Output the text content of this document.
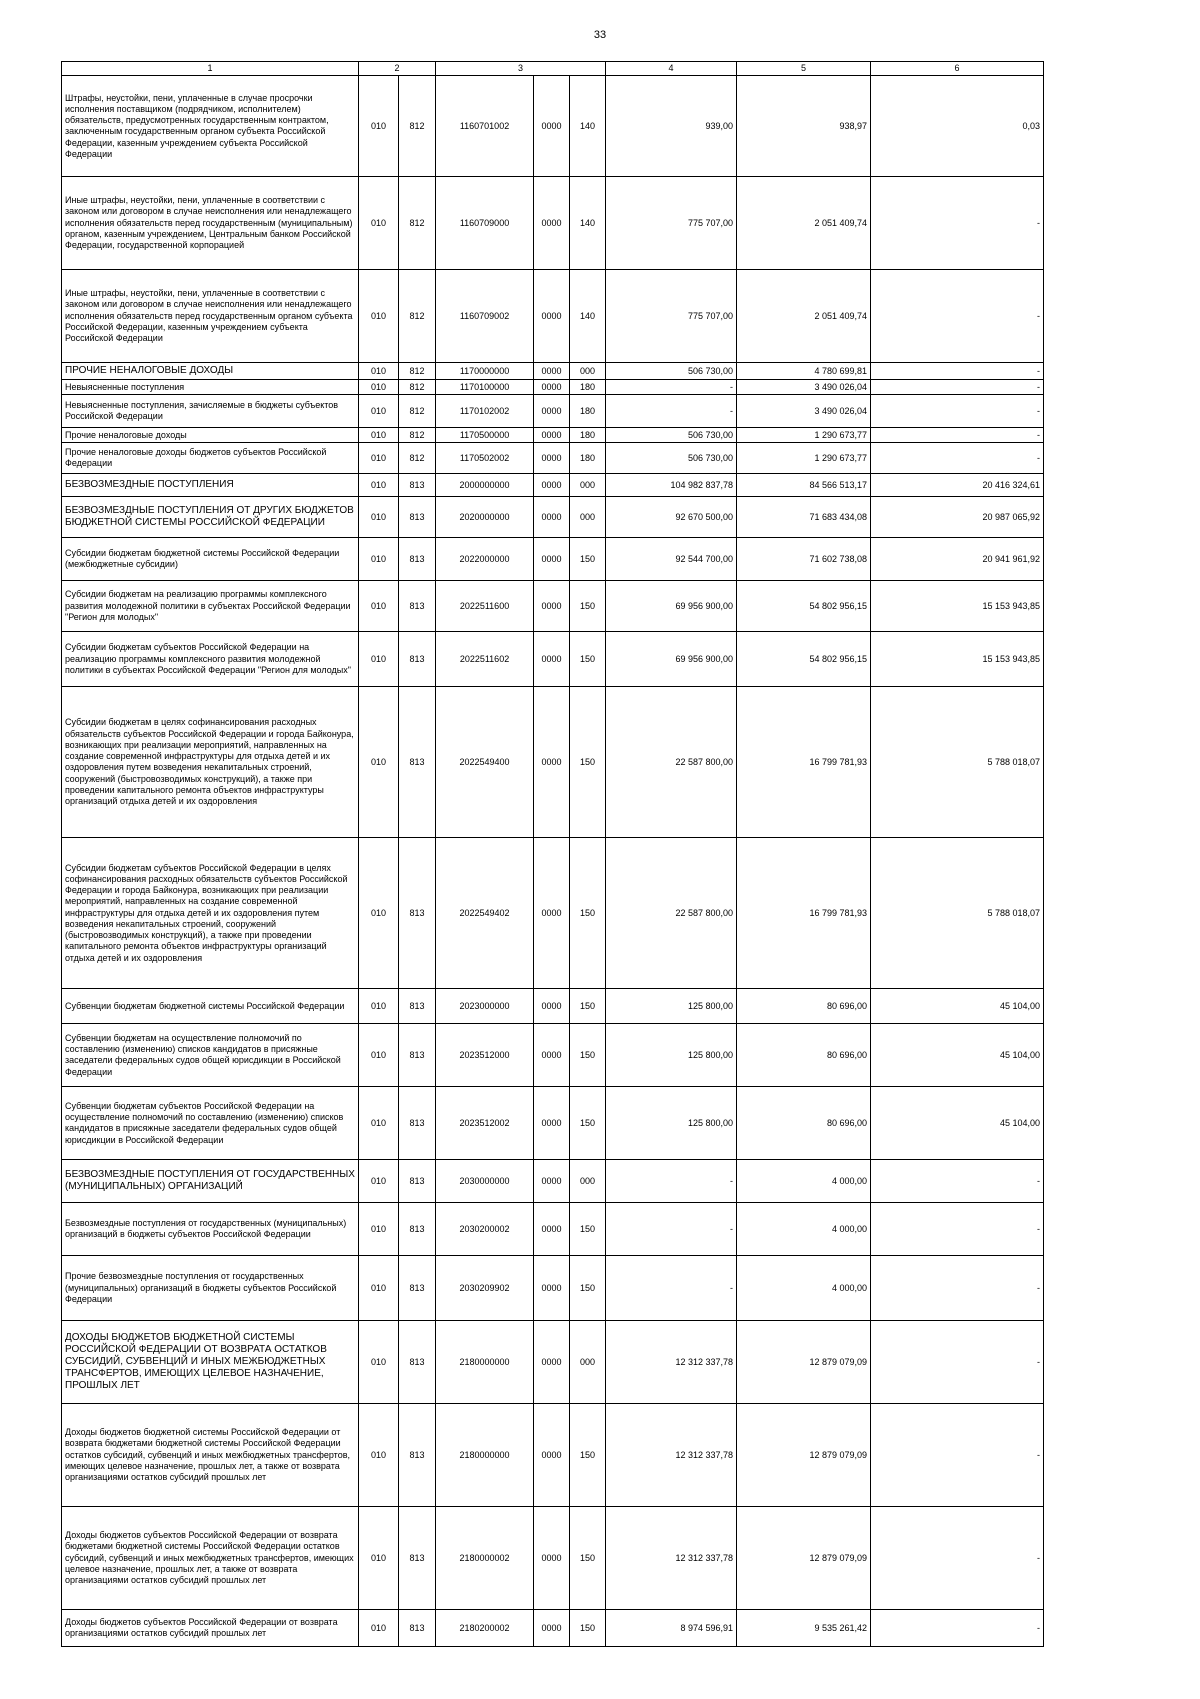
33
1	2		3			4	5	6
Штрафы, неустойки, пени, уплаченные в случае просрочки исполнения поставщиком (подрядчиком, исполнителем) обязательств, предусмотренных государственным контрактом, заключенным государственным органом субъекта Российской Федерации, казенным учреждением субъекта Российской Федерации	010	812	1160701002	0000	140	939,00	938,97	0,03
Иные штрафы, неустойки, пени, уплаченные в соответствии с законом или договором в случае неисполнения или ненадлежащего исполнения обязательств перед государственным (муниципальным) органом, казенным учреждением, Центральным банком Российской Федерации, государственной корпорацией	010	812	1160709000	0000	140	775 707,00	2 051 409,74	-
Иные штрафы, неустойки, пени, уплаченные в соответствии с законом или договором в случае неисполнения или ненадлежащего исполнения обязательств перед государственным органом субъекта Российской Федерации, казенным учреждением субъекта Российской Федерации	010	812	1160709002	0000	140	775 707,00	2 051 409,74	-
ПРОЧИЕ НЕНАЛОГОВЫЕ ДОХОДЫ	010	812	1170000000	0000	000	506 730,00	4 780 699,81	-
Невыясненные поступления	010	812	1170100000	0000	180	-	3 490 026,04	-
Невыясненные поступления, зачисляемые в бюджеты субъектов Российской Федерации	010	812	1170102002	0000	180	-	3 490 026,04	-
Прочие неналоговые доходы	010	812	1170500000	0000	180	506 730,00	1 290 673,77	-
Прочие неналоговые доходы бюджетов субъектов Российской Федерации	010	812	1170502002	0000	180	506 730,00	1 290 673,77	-
БЕЗВОЗМЕЗДНЫЕ ПОСТУПЛЕНИЯ	010	813	2000000000	0000	000	104 982 837,78	84 566 513,17	20 416 324,61
БЕЗВОЗМЕЗДНЫЕ ПОСТУПЛЕНИЯ ОТ ДРУГИХ БЮДЖЕТОВ БЮДЖЕТНОЙ СИСТЕМЫ РОССИЙСКОЙ ФЕДЕРАЦИИ	010	813	2020000000	0000	000	92 670 500,00	71 683 434,08	20 987 065,92
Субсидии бюджетам бюджетной системы Российской Федерации (межбюджетные субсидии)	010	813	2022000000	0000	150	92 544 700,00	71 602 738,08	20 941 961,92
Субсидии бюджетам на реализацию программы комплексного развития молодежной политики в субъектах Российской Федерации "Регион для молодых"	010	813	2022511600	0000	150	69 956 900,00	54 802 956,15	15 153 943,85
Субсидии бюджетам субъектов Российской Федерации на реализацию программы комплексного развития молодежной политики в субъектах Российской Федерации "Регион для молодых"	010	813	2022511602	0000	150	69 956 900,00	54 802 956,15	15 153 943,85
Субсидии бюджетам в целях софинансирования расходных обязательств субъектов Российской Федерации и города Байконура, возникающих при реализации мероприятий, направленных на создание современной инфраструктуры для отдыха детей и их оздоровления путем возведения некапитальных строений, сооружений (быстровозводимых конструкций), а также при проведении капитального ремонта объектов инфраструктуры организаций отдыха детей и их оздоровления	010	813	2022549400	0000	150	22 587 800,00	16 799 781,93	5 788 018,07
Субсидии бюджетам субъектов Российской Федерации в целях софинансирования расходных обязательств субъектов Российской Федерации и города Байконура, возникающих при реализации мероприятий, направленных на создание современной инфраструктуры для отдыха детей и их оздоровления путем возведения некапитальных строений, сооружений (быстровозводимых конструкций), а также при проведении капитального ремонта объектов инфраструктуры организаций отдыха детей и их оздоровления	010	813	2022549402	0000	150	22 587 800,00	16 799 781,93	5 788 018,07
Субвенции бюджетам бюджетной системы Российской Федерации	010	813	2023000000	0000	150	125 800,00	80 696,00	45 104,00
Субвенции бюджетам на осуществление полномочий по составлению (изменению) списков кандидатов в присяжные заседатели федеральных судов общей юрисдикции в Российской Федерации	010	813	2023512000	0000	150	125 800,00	80 696,00	45 104,00
Субвенции бюджетам субъектов Российской Федерации на осуществление полномочий по составлению (изменению) списков кандидатов в присяжные заседатели федеральных судов общей юрисдикции в Российской Федерации	010	813	2023512002	0000	150	125 800,00	80 696,00	45 104,00
БЕЗВОЗМЕЗДНЫЕ ПОСТУПЛЕНИЯ ОТ ГОСУДАРСТВЕННЫХ (МУНИЦИПАЛЬНЫХ) ОРГАНИЗАЦИЙ	010	813	2030000000	0000	000	-	4 000,00	-
Безвозмездные поступления от государственных (муниципальных) организаций в бюджеты субъектов Российской Федерации	010	813	2030200002	0000	150	-	4 000,00	-
Прочие безвозмездные поступления от государственных (муниципальных) организаций в бюджеты субъектов Российской Федерации	010	813	2030209902	0000	150	-	4 000,00	-
ДОХОДЫ БЮДЖЕТОВ БЮДЖЕТНОЙ СИСТЕМЫ РОССИЙСКОЙ ФЕДЕРАЦИИ ОТ ВОЗВРАТА ОСТАТКОВ СУБСИДИЙ, СУБВЕНЦИЙ И ИНЫХ МЕЖБЮДЖЕТНЫХ ТРАНСФЕРТОВ, ИМЕЮЩИХ ЦЕЛЕВОЕ НАЗНАЧЕНИЕ, ПРОШЛЫХ ЛЕТ	010	813	2180000000	0000	000	12 312 337,78	12 879 079,09	-
Доходы бюджетов бюджетной системы Российской Федерации от возврата бюджетами бюджетной системы Российской Федерации остатков субсидий, субвенций и иных межбюджетных трансфертов, имеющих целевое назначение, прошлых лет, а также от возврата организациями остатков субсидий прошлых лет	010	813	2180000000	0000	150	12 312 337,78	12 879 079,09	-
Доходы бюджетов субъектов Российской Федерации от возврата бюджетами бюджетной системы Российской Федерации остатков субсидий, субвенций и иных межбюджетных трансфертов, имеющих целевое назначение, прошлых лет, а также от возврата организациями остатков субсидий прошлых лет	010	813	2180000002	0000	150	12 312 337,78	12 879 079,09	-
Доходы бюджетов субъектов Российской Федерации от возврата организациями остатков субсидий прошлых лет	010	813	2180200002	0000	150	8 974 596,91	9 535 261,42	-
